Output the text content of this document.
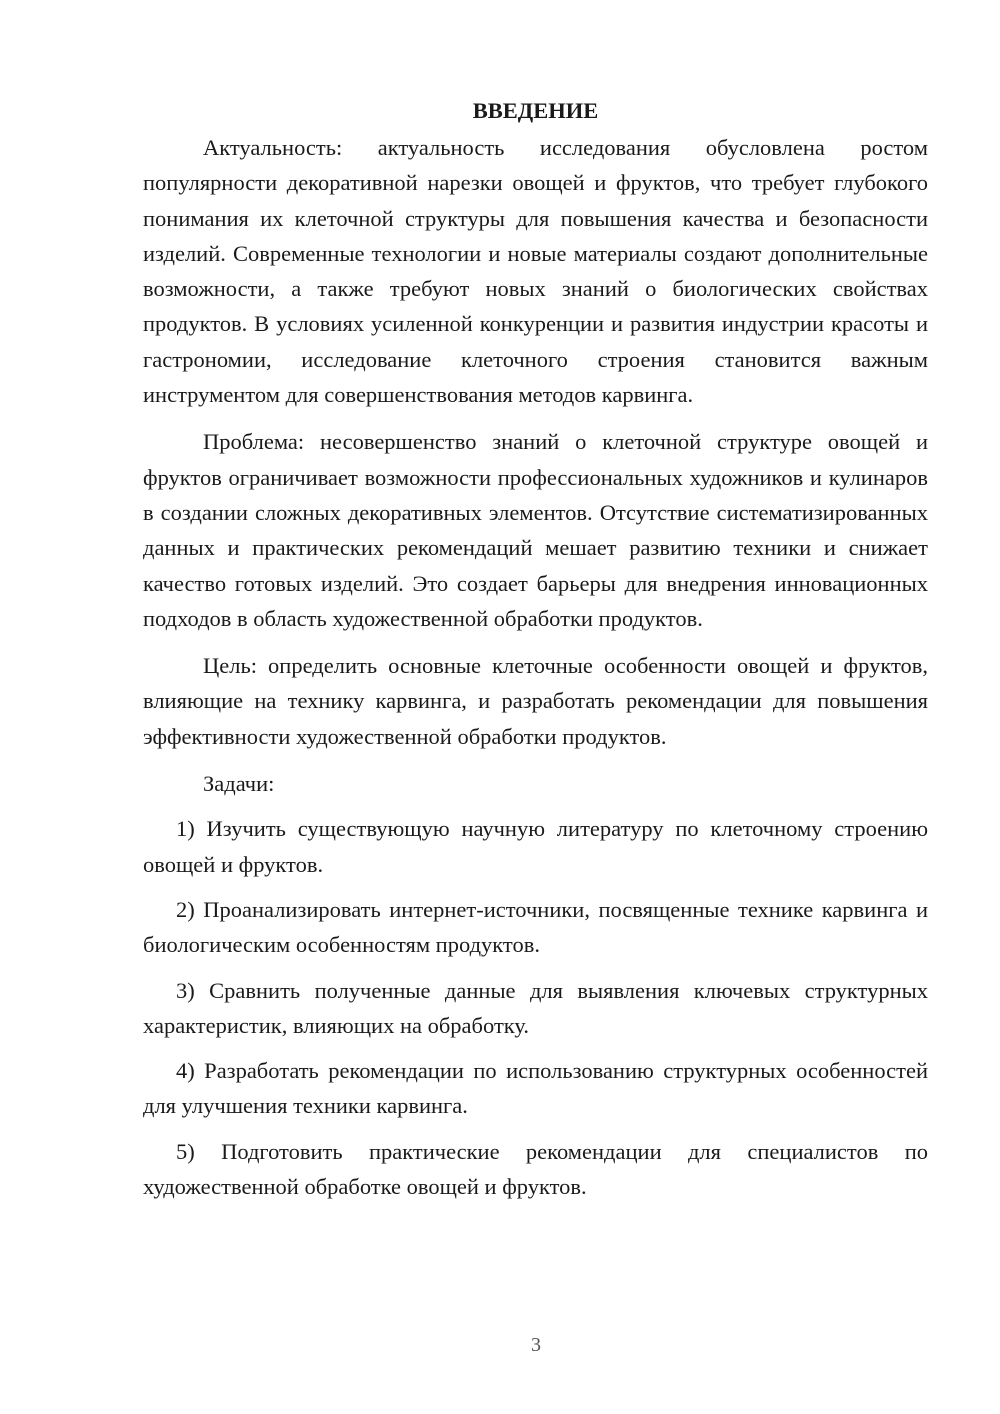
ВВЕДЕНИЕ

Актуальность: актуальность исследования обусловлена ростом популярности декоративной нарезки овощей и фруктов, что требует глубокого понимания их клеточной структуры для повышения качества и безопасности изделий. Современные технологии и новые материалы создают дополнительные возможности, а также требуют новых знаний о биологических свойствах продуктов. В условиях усиленной конкуренции и развития индустрии красоты и гастрономии, исследование клеточного строения становится важным инструментом для совершенствования методов карвинга.

Проблема: несовершенство знаний о клеточной структуре овощей и фруктов ограничивает возможности профессиональных художников и кулинаров в создании сложных декоративных элементов. Отсутствие систематизированных данных и практических рекомендаций мешает развитию техники и снижает качество готовых изделий. Это создает барьеры для внедрения инновационных подходов в область художественной обработки продуктов.

Цель: определить основные клеточные особенности овощей и фруктов, влияющие на технику карвинга, и разработать рекомендации для повышения эффективности художественной обработки продуктов.

Задачи:

1) Изучить существующую научную литературу по клеточному строению овощей и фруктов.

2) Проанализировать интернет-источники, посвященные технике карвинга и биологическим особенностям продуктов.

3) Сравнить полученные данные для выявления ключевых структурных характеристик, влияющих на обработку.

4) Разработать рекомендации по использованию структурных особенностей для улучшения техники карвинга.

5) Подготовить практические рекомендации для специалистов по художественной обработке овощей и фруктов.

3
